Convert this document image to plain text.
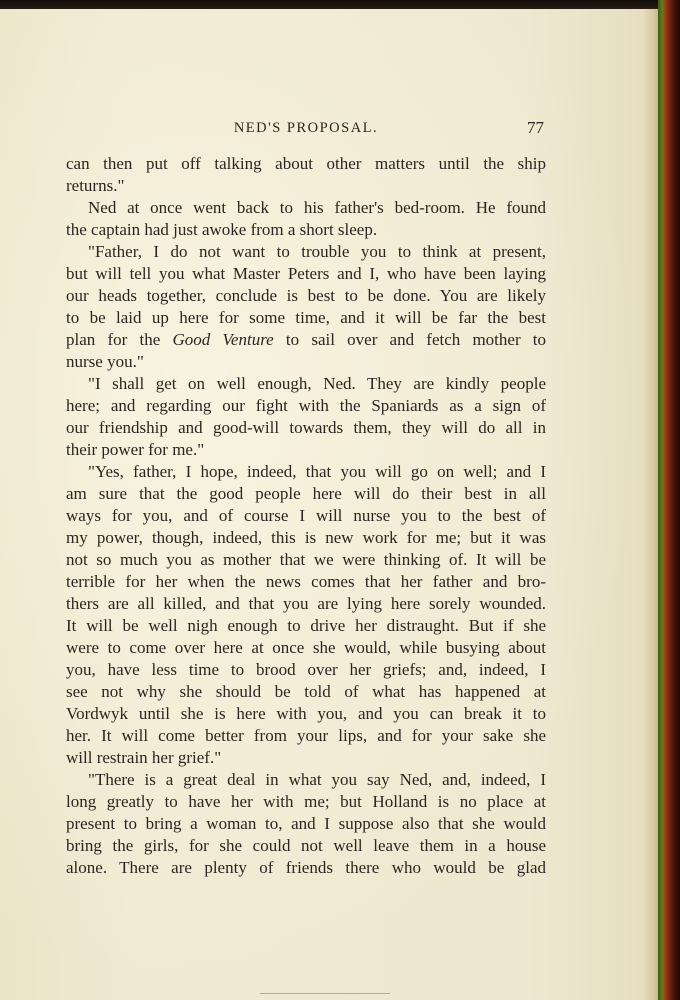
NED'S PROPOSAL.	77
can then put off talking about other matters until the ship
returns."
Ned at once went back to his father's bed-room. He found
the captain had just awoke from a short sleep.
"Father, I do not want to trouble you to think at present,
but will tell you what Master Peters and I, who have been laying
our heads together, conclude is best to be done. You are likely
to be laid up here for some time, and it will be far the best
plan for the Good Venture to sail over and fetch mother to
nurse you."
"I shall get on well enough, Ned. They are kindly people
here; and regarding our fight with the Spaniards as a sign of
our friendship and good-will towards them, they will do all in
their power for me."
"Yes, father, I hope, indeed, that you will go on well; and I
am sure that the good people here will do their best in all
ways for you, and of course I will nurse you to the best of
my power, though, indeed, this is new work for me; but it was
not so much you as mother that we were thinking of. It will be
terrible for her when the news comes that her father and bro-
thers are all killed, and that you are lying here sorely wounded.
It will be well nigh enough to drive her distraught. But if she
were to come over here at once she would, while busying about
you, have less time to brood over her griefs; and, indeed, I
see not why she should be told of what has happened at
Vordwyk until she is here with you, and you can break it to
her. It will come better from your lips, and for your sake she
will restrain her grief."
"There is a great deal in what you say Ned, and, indeed, I
long greatly to have her with me; but Holland is no place at
present to bring a woman to, and I suppose also that she would
bring the girls, for she could not well leave them in a house
alone. There are plenty of friends there who would be glad
